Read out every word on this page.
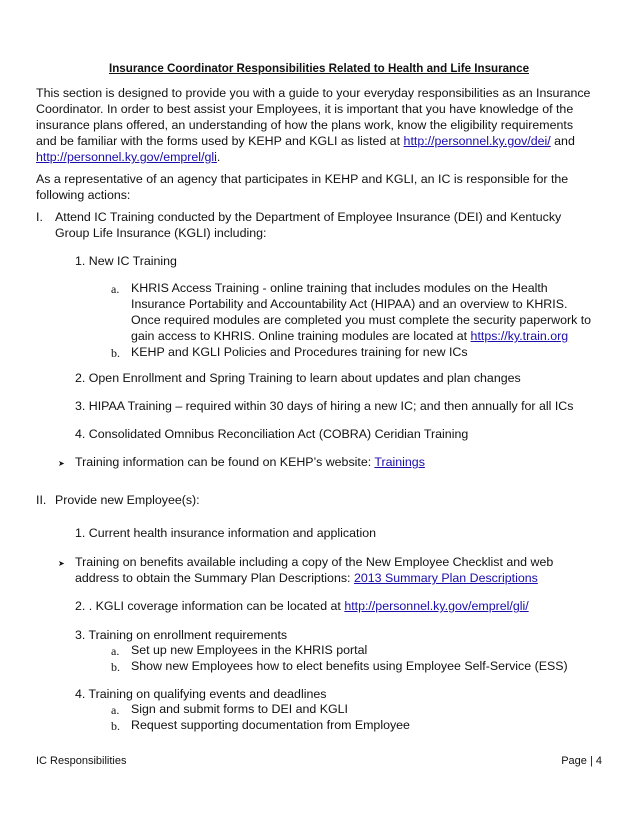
Insurance Coordinator Responsibilities Related to Health and Life Insurance
This section is designed to provide you with a guide to your everyday responsibilities as an Insurance
Coordinator. In order to best assist your Employees, it is important that you have knowledge of the
insurance plans offered, an understanding of how the plans work, know the eligibility requirements
and be familiar with the forms used by KEHP and KGLI as listed at http://personnel.ky.gov/dei/ and
http://personnel.ky.gov/emprel/gli.
As a representative of an agency that participates in KEHP and KGLI, an IC is responsible for the
following actions:
I. Attend IC Training conducted by the Department of Employee Insurance (DEI) and Kentucky
Group Life Insurance (KGLI) including:
1. New IC Training
a. KHRIS Access Training - online training that includes modules on the Health
Insurance Portability and Accountability Act (HIPAA) and an overview to KHRIS.
Once required modules are completed you must complete the security paperwork to
gain access to KHRIS. Online training modules are located at https://ky.train.org
b. KEHP and KGLI Policies and Procedures training for new ICs
2. Open Enrollment and Spring Training to learn about updates and plan changes
3. HIPAA Training – required within 30 days of hiring a new IC; and then annually for all ICs
4. Consolidated Omnibus Reconciliation Act (COBRA) Ceridian Training
➤ Training information can be found on KEHP’s website: Trainings
II. Provide new Employee(s):
1. Current health insurance information and application
➤ Training on benefits available including a copy of the New Employee Checklist and web
address to obtain the Summary Plan Descriptions: 2013 Summary Plan Descriptions
2. . KGLI coverage information can be located at http://personnel.ky.gov/emprel/gli/
3. Training on enrollment requirements
a. Set up new Employees in the KHRIS portal
b. Show new Employees how to elect benefits using Employee Self-Service (ESS)
4. Training on qualifying events and deadlines
a. Sign and submit forms to DEI and KGLI
b. Request supporting documentation from Employee
IC Responsibilities	Page | 4
